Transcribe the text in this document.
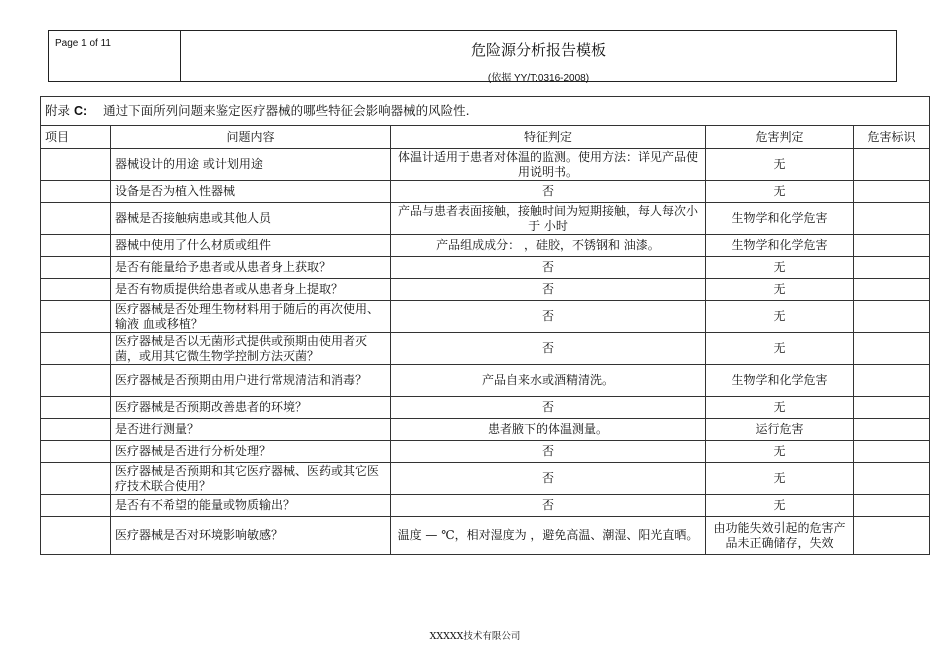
Page 1 of 11	危险源分析报告模板
(依据 YY/T:0316-2008)
附录 C: 通过下面所列问题来鉴定医疗器械的哪些特征会影响器械的风险性.				
项目	问题内容	特征判定	危害判定	危害标识
	器械设计的用途 或计划用途	体温计适用于患者对体温的监测。使用方法：详见产品使用说明书。	无	
	设备是否为植入性器械	否	无	
	器械是否接触病患或其他人员	产品与患者表面接触，接触时间为短期接触，每人每次小于 小时	生物学和化学危害	
	器械中使用了什么材质或组件	产品组成成分： ，硅胶，不锈钢和 油漆。	生物学和化学危害	
	是否有能量给予患者或从患者身上获取？	否	无	
	是否有物质提供给患者或从患者身上提取？	否	无	
	医疗器械是否处理生物材料用于随后的再次使用、输液 血或移植？	否	无	
	医疗器械是否以无菌形式提供或预期由使用者灭菌，或用其它微生物学控制方法灭菌？	否	无	
	医疗器械是否预期由用户进行常规清洁和消毒？	产品自来水或酒精清洗。	生物学和化学危害	
	医疗器械是否预期改善患者的环境？	否	无	
	是否进行测量？	患者腋下的体温测量。	运行危害	
	医疗器械是否进行分析处理？	否	无	
	医疗器械是否预期和其它医疗器械、医药或其它医疗技术联合使用？	否	无	
	是否有不希望的能量或物质输出？	否	无	
	医疗器械是否对环境影响敏感？	温度 — ℃，相对湿度为 ，避免高温、潮湿、阳光直晒。	由功能失效引起的危害产品未正确储存，失效	
XXXXX技术有限公司
